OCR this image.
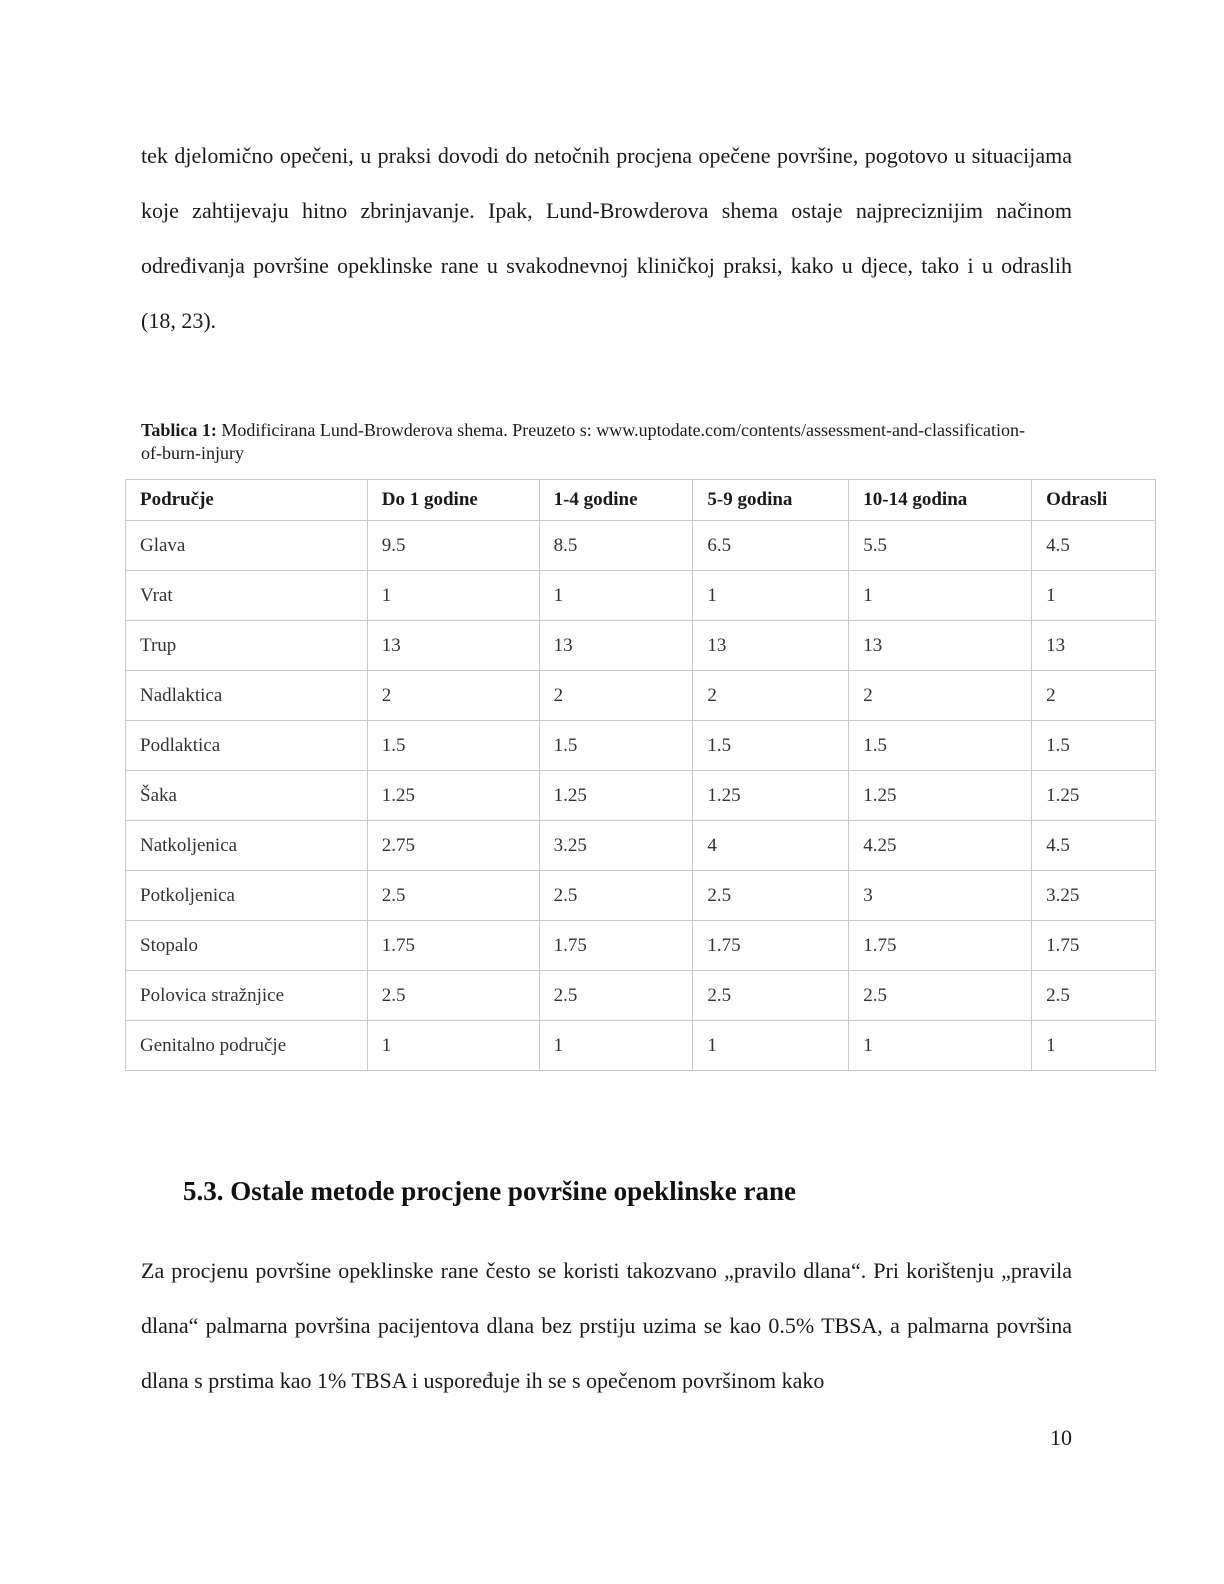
tek djelomično opečeni, u praksi dovodi do netočnih procjena opečene površine, pogotovo u situacijama koje zahtijevaju hitno zbrinjavanje. Ipak, Lund-Browderova shema ostaje najpreciznijim načinom određivanja površine opeklinske rane u svakodnevnoj kliničkoj praksi, kako u djece, tako i u odraslih (18, 23).

Tablica 1: Modificirana Lund-Browderova shema. Preuzeto s: www.uptodate.com/contents/assessment-and-classification-of-burn-injury

Područje	Do 1 godine	1-4 godine	5-9 godina	10-14 godina	Odrasli
Glava	9.5	8.5	6.5	5.5	4.5
Vrat	1	1	1	1	1
Trup	13	13	13	13	13
Nadlaktica	2	2	2	2	2
Podlaktica	1.5	1.5	1.5	1.5	1.5
Šaka	1.25	1.25	1.25	1.25	1.25
Natkoljenica	2.75	3.25	4	4.25	4.5
Potkoljenica	2.5	2.5	2.5	3	3.25
Stopalo	1.75	1.75	1.75	1.75	1.75
Polovica stražnjice	2.5	2.5	2.5	2.5	2.5
Genitalno područje	1	1	1	1	1
5.3. Ostale metode procjene površine opeklinske rane

Za procjenu površine opeklinske rane često se koristi takozvano „pravilo dlana“. Pri korištenju „pravila dlana“ palmarna površina pacijentova dlana bez prstiju uzima se kao 0.5% TBSA, a palmarna površina dlana s prstima kao 1% TBSA i uspoređuje ih se s opečenom površinom kako

10
